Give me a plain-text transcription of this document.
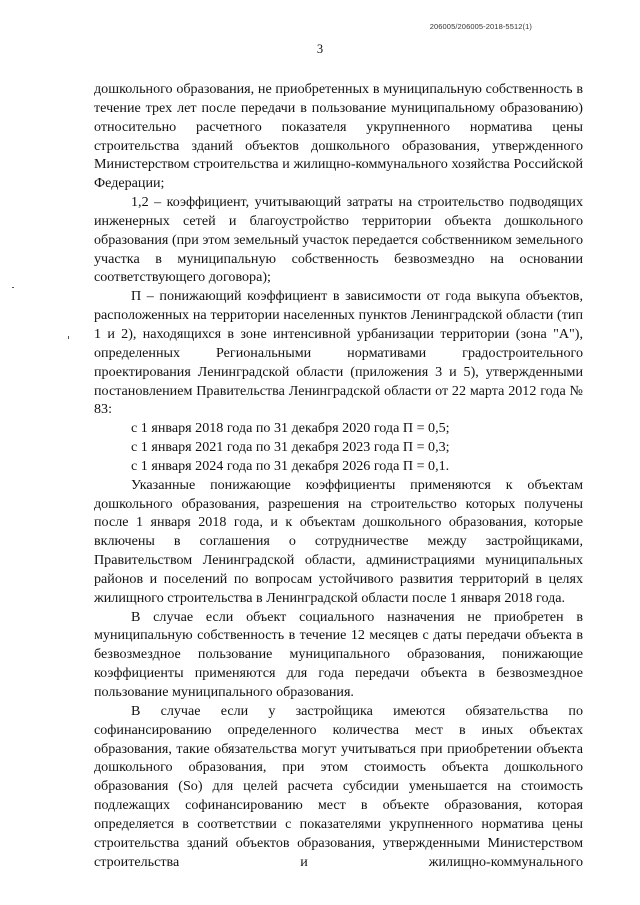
206005/206005-2018-5512(1)
3

дошкольного образования, не приобретенных в муниципальную собственность в течение трех лет после передачи в пользование муниципальному образованию) относительно расчетного показателя укрупненного норматива цены строительства зданий объектов дошкольного образования, утвержденного Министерством строительства и жилищно-коммунального хозяйства Российской Федерации;

1,2 – коэффициент, учитывающий затраты на строительство подводящих инженерных сетей и благоустройство территории объекта дошкольного образования (при этом земельный участок передается собственником земельного участка в муниципальную собственность безвозмездно на основании соответствующего договора);

П – понижающий коэффициент в зависимости от года выкупа объектов, расположенных на территории населенных пунктов Ленинградской области (тип 1 и 2), находящихся в зоне интенсивной урбанизации территории (зона "А"), определенных Региональными нормативами градостроительного проектирования Ленинградской области (приложения 3 и 5), утвержденными постановлением Правительства Ленинградской области от 22 марта 2012 года № 83:

с 1 января 2018 года по 31 декабря 2020 года П = 0,5;

с 1 января 2021 года по 31 декабря 2023 года П = 0,3;

с 1 января 2024 года по 31 декабря 2026 года П = 0,1.

Указанные понижающие коэффициенты применяются к объектам дошкольного образования, разрешения на строительство которых получены после 1 января 2018 года, и к объектам дошкольного образования, которые включены в соглашения о сотрудничестве между застройщиками, Правительством Ленинградской области, администрациями муниципальных районов и поселений по вопросам устойчивого развития территорий в целях жилищного строительства в Ленинградской области после 1 января 2018 года.

В случае если объект социального назначения не приобретен в муниципальную собственность в течение 12 месяцев с даты передачи объекта в безвозмездное пользование муниципального образования, понижающие коэффициенты применяются для года передачи объекта в безвозмездное пользование муниципального образования.

В случае если у застройщика имеются обязательства по софинансированию определенного количества мест в иных объектах образования, такие обязательства могут учитываться при приобретении объекта дошкольного образования, при этом стоимость объекта дошкольного образования (Sо) для целей расчета субсидии уменьшается на стоимость подлежащих софинансированию мест в объекте образования, которая определяется в соответствии с показателями укрупненного норматива цены строительства зданий объектов образования, утвержденными Министерством строительства и жилищно-коммунального
